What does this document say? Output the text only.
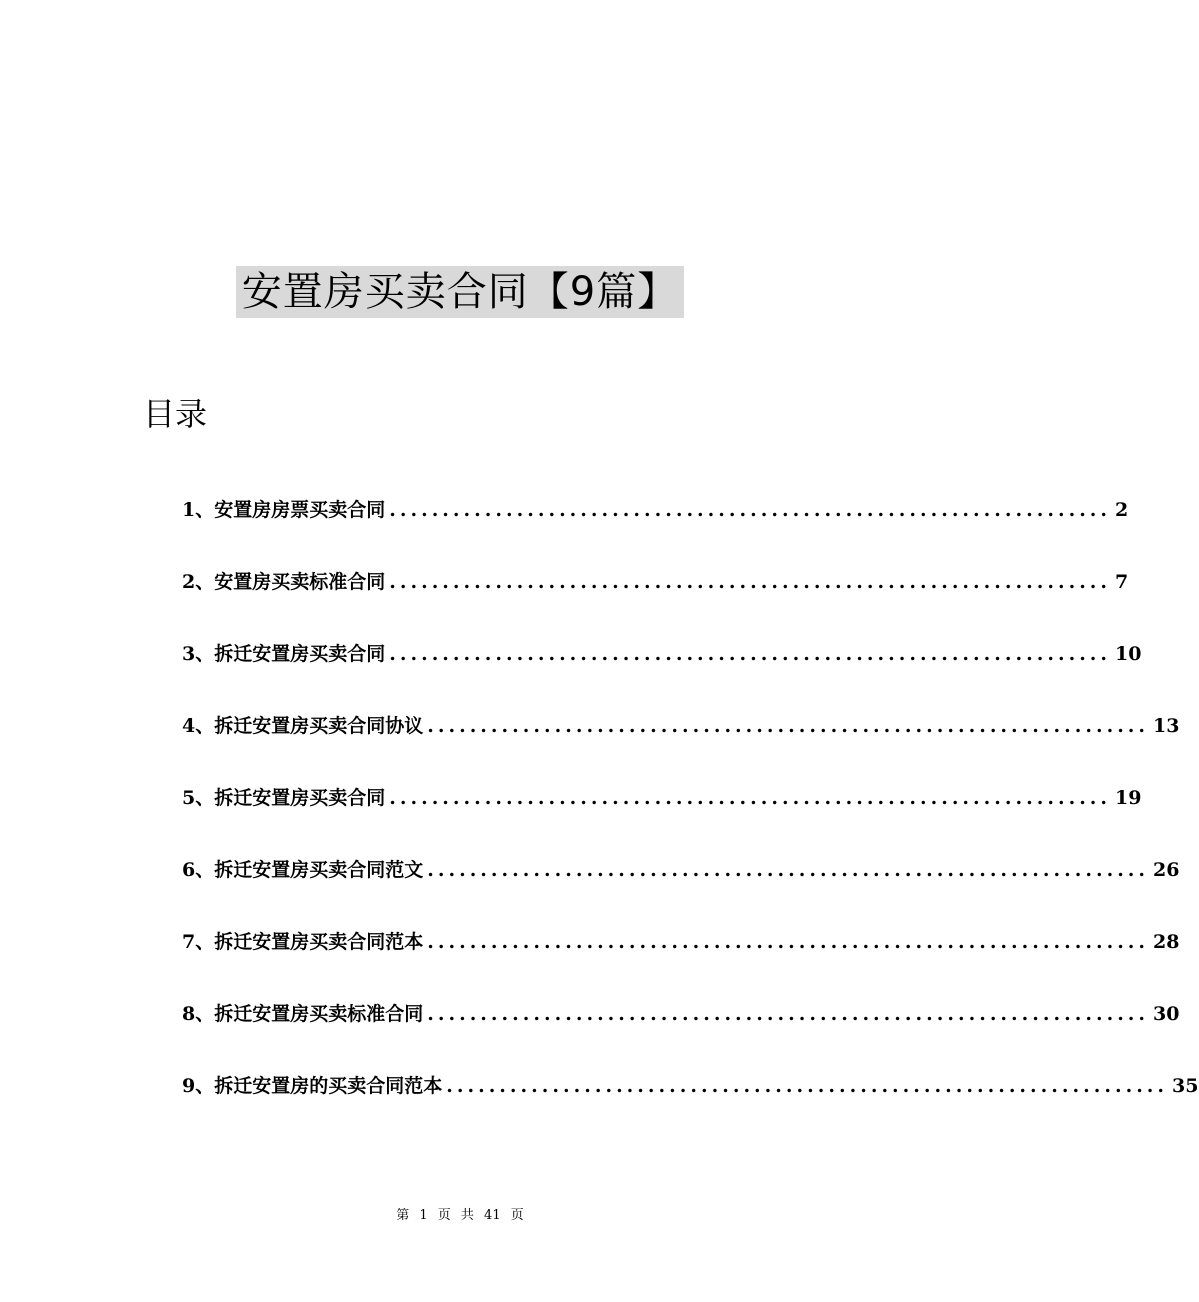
安置房买卖合同【9篇】
目录
1、安置房房票买卖合同 .................................................................... 2
2、安置房买卖标准合同 .................................................................... 7
3、拆迁安置房买卖合同 .................................................................... 10
4、拆迁安置房买卖合同协议 .................................................................... 13
5、拆迁安置房买卖合同 .................................................................... 19
6、拆迁安置房买卖合同范文 .................................................................... 26
7、拆迁安置房买卖合同范本 .................................................................... 28
8、拆迁安置房买卖标准合同 .................................................................... 30
9、拆迁安置房的买卖合同范本 .................................................................... 35
第 1 页 共 41 页
